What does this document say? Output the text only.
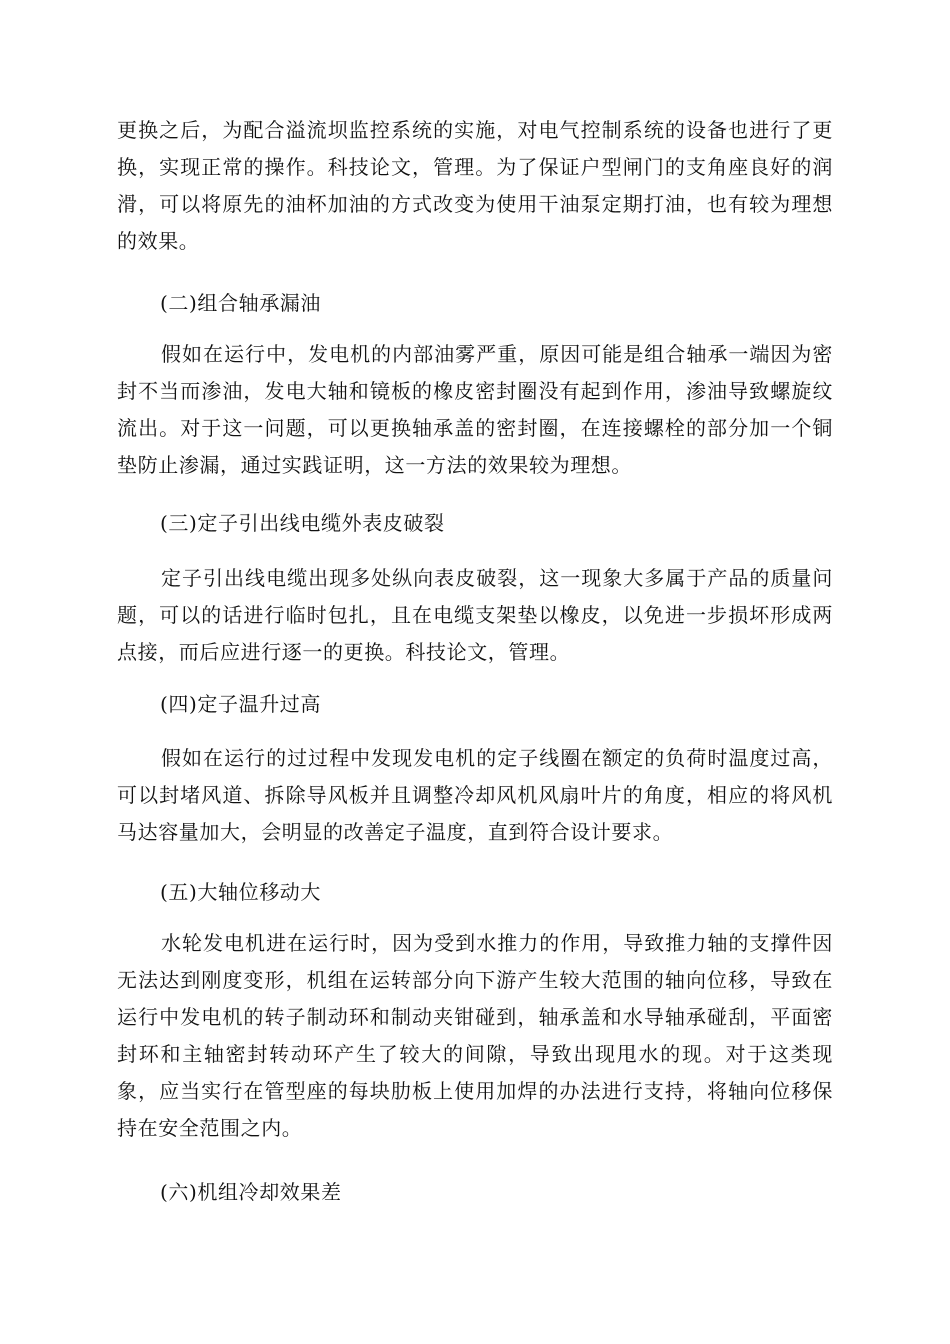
更换之后，为配合溢流坝监控系统的实施，对电气控制系统的设备也进行了更换，实现正常的操作。科技论文，管理。为了保证户型闸门的支角座良好的润滑，可以将原先的油杯加油的方式改变为使用干油泵定期打油，也有较为理想的效果。

(二)组合轴承漏油

假如在运行中，发电机的内部油雾严重，原因可能是组合轴承一端因为密封不当而渗油，发电大轴和镜板的橡皮密封圈没有起到作用，渗油导致螺旋纹流出。对于这一问题，可以更换轴承盖的密封圈，在连接螺栓的部分加一个铜垫防止渗漏，通过实践证明，这一方法的效果较为理想。

(三)定子引出线电缆外表皮破裂

定子引出线电缆出现多处纵向表皮破裂，这一现象大多属于产品的质量问题，可以的话进行临时包扎，且在电缆支架垫以橡皮，以免进一步损坏形成两点接，而后应进行逐一的更换。科技论文，管理。

(四)定子温升过高

假如在运行的过过程中发现发电机的定子线圈在额定的负荷时温度过高，可以封堵风道、拆除导风板并且调整冷却风机风扇叶片的角度，相应的将风机马达容量加大，会明显的改善定子温度，直到符合设计要求。

(五)大轴位移动大

水轮发电机进在运行时，因为受到水推力的作用，导致推力轴的支撑件因无法达到刚度变形，机组在运转部分向下游产生较大范围的轴向位移，导致在运行中发电机的转子制动环和制动夹钳碰到，轴承盖和水导轴承碰刮，平面密封环和主轴密封转动环产生了较大的间隙，导致出现甩水的现。对于这类现象，应当实行在管型座的每块肋板上使用加焊的办法进行支持，将轴向位移保持在安全范围之内。

(六)机组冷却效果差
